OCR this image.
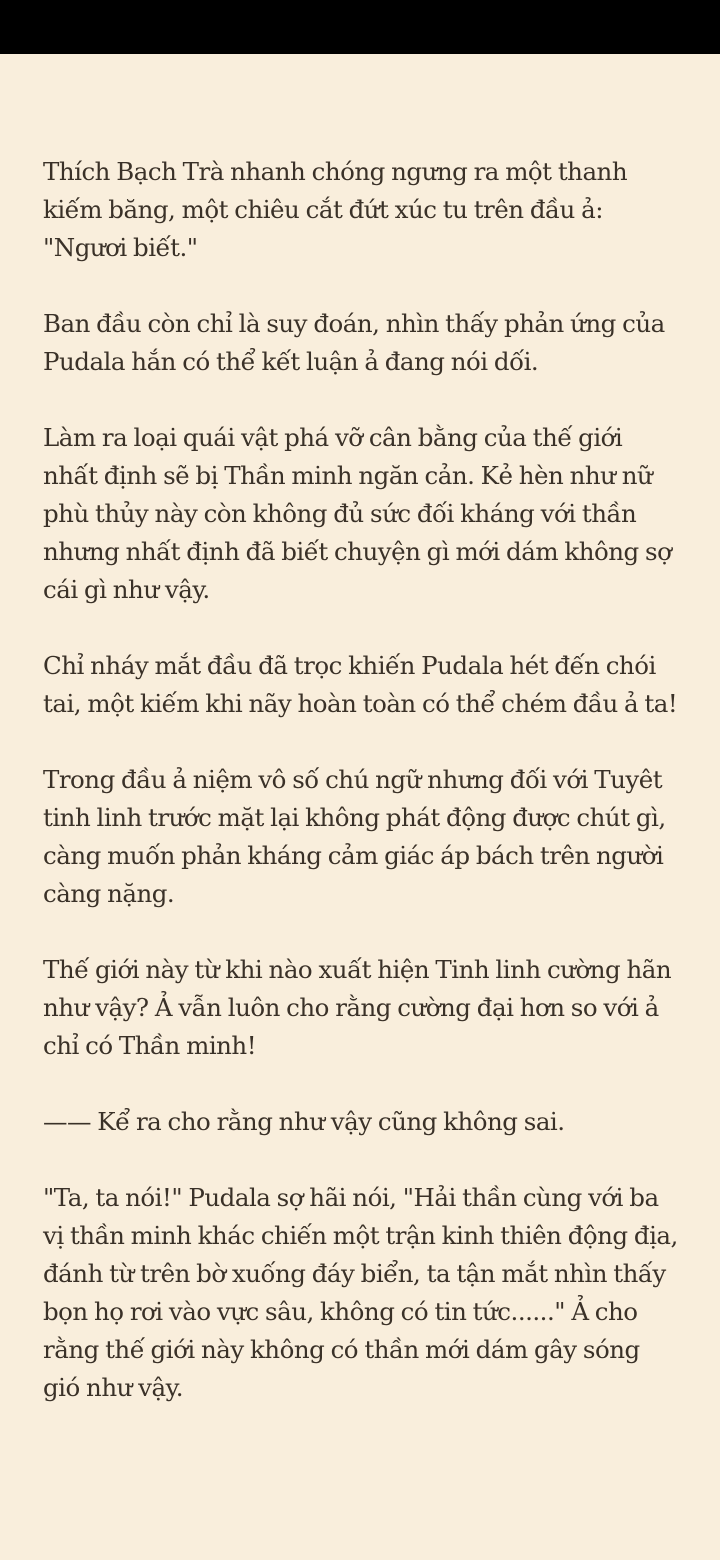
Thích Bạch Trà nhanh chóng ngưng ra một thanh kiếm băng, một chiêu cắt đứt xúc tu trên đầu ả: "Ngươi biết."

Ban đầu còn chỉ là suy đoán, nhìn thấy phản ứng của Pudala hắn có thể kết luận ả đang nói dối.

Làm ra loại quái vật phá vỡ cân bằng của thế giới nhất định sẽ bị Thần minh ngăn cản. Kẻ hèn như nữ phù thủy này còn không đủ sức đối kháng với thần nhưng nhất định đã biết chuyện gì mới dám không sợ cái gì như vậy.

Chỉ nháy mắt đầu đã trọc khiến Pudala hét đến chói tai, một kiếm khi nãy hoàn toàn có thể chém đầu ả ta!

Trong đầu ả niệm vô số chú ngữ nhưng đối với Tuyêt tinh linh trước mặt lại không phát động được chút gì, càng muốn phản kháng cảm giác áp bách trên người càng nặng.

Thế giới này từ khi nào xuất hiện Tinh linh cường hãn như vậy? Ả vẫn luôn cho rằng cường đại hơn so với ả chỉ có Thần minh!

—— Kể ra cho rằng như vậy cũng không sai.

"Ta, ta nói!" Pudala sợ hãi nói, "Hải thần cùng với ba vị thần minh khác chiến một trận kinh thiên động địa, đánh từ trên bờ xuống đáy biển, ta tận mắt nhìn thấy bọn họ rơi vào vực sâu, không có tin tức......" Ả cho rằng thế giới này không có thần mới dám gây sóng gió như vậy.
